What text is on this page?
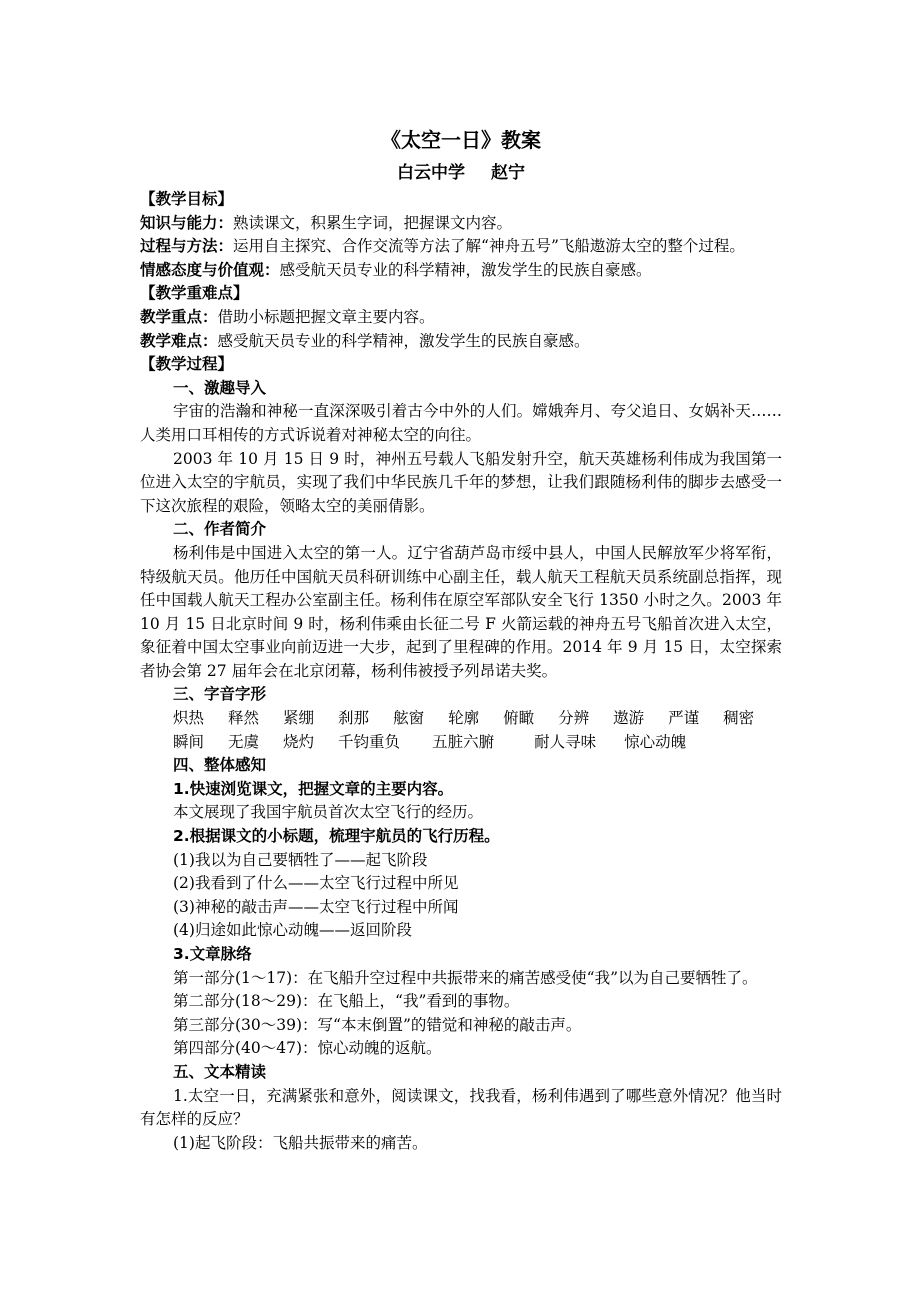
《太空一日》教案
白云中学 赵宁
【教学目标】
知识与能力：熟读课文，积累生字词，把握课文内容。
过程与方法：运用自主探究、合作交流等方法了解“神舟五号”飞船遨游太空的整个过程。
情感态度与价值观：感受航天员专业的科学精神，激发学生的民族自豪感。
【教学重难点】
教学重点：借助小标题把握文章主要内容。
教学难点：感受航天员专业的科学精神，激发学生的民族自豪感。
【教学过程】
一、激趣导入
宇宙的浩瀚和神秘一直深深吸引着古今中外的人们。嫦娥奔月、夸父追日、女娲补天……人类用口耳相传的方式诉说着对神秘太空的向往。
2003 年 10 月 15 日 9 时，神州五号载人飞船发射升空，航天英雄杨利伟成为我国第一位进入太空的宇航员，实现了我们中华民族几千年的梦想，让我们跟随杨利伟的脚步去感受一下这次旅程的艰险，领略太空的美丽倩影。
二、作者简介
杨利伟是中国进入太空的第一人。辽宁省葫芦岛市绥中县人，中国人民解放军少将军衔，特级航天员。他历任中国航天员科研训练中心副主任，载人航天工程航天员系统副总指挥，现任中国载人航天工程办公室副主任。杨利伟在原空军部队安全飞行 1350 小时之久。2003 年 10 月 15 日北京时间 9 时，杨利伟乘由长征二号 F 火箭运载的神舟五号飞船首次进入太空，象征着中国太空事业向前迈进一大步，起到了里程碑的作用。2014 年 9 月 15 日，太空探索者协会第 27 届年会在北京闭幕，杨利伟被授予列昂诺夫奖。
三、字音字形
炽热 释然 紧绷 刹那 舷窗 轮廓 俯瞰 分辨 遨游 严谨 稠密
瞬间 无虞 烧灼 千钧重负 五脏六腑	耐人寻味 惊心动魄
四、整体感知
1.快速浏览课文，把握文章的主要内容。
本文展现了我国宇航员首次太空飞行的经历。
2.根据课文的小标题，梳理宇航员的飞行历程。
(1)我以为自己要牺牲了——起飞阶段
(2)我看到了什么——太空飞行过程中所见
(3)神秘的敲击声——太空飞行过程中所闻
(4)归途如此惊心动魄——返回阶段
3.文章脉络
第一部分(1～17)：在飞船升空过程中共振带来的痛苦感受使“我”以为自己要牺牲了。
第二部分(18～29)：在飞船上，“我”看到的事物。
第三部分(30～39)：写“本末倒置”的错觉和神秘的敲击声。
第四部分(40～47)：惊心动魄的返航。
五、文本精读
1.太空一日，充满紧张和意外，阅读课文，找我看，杨利伟遇到了哪些意外情况？他当时有怎样的反应？
(1)起飞阶段：飞船共振带来的痛苦。
